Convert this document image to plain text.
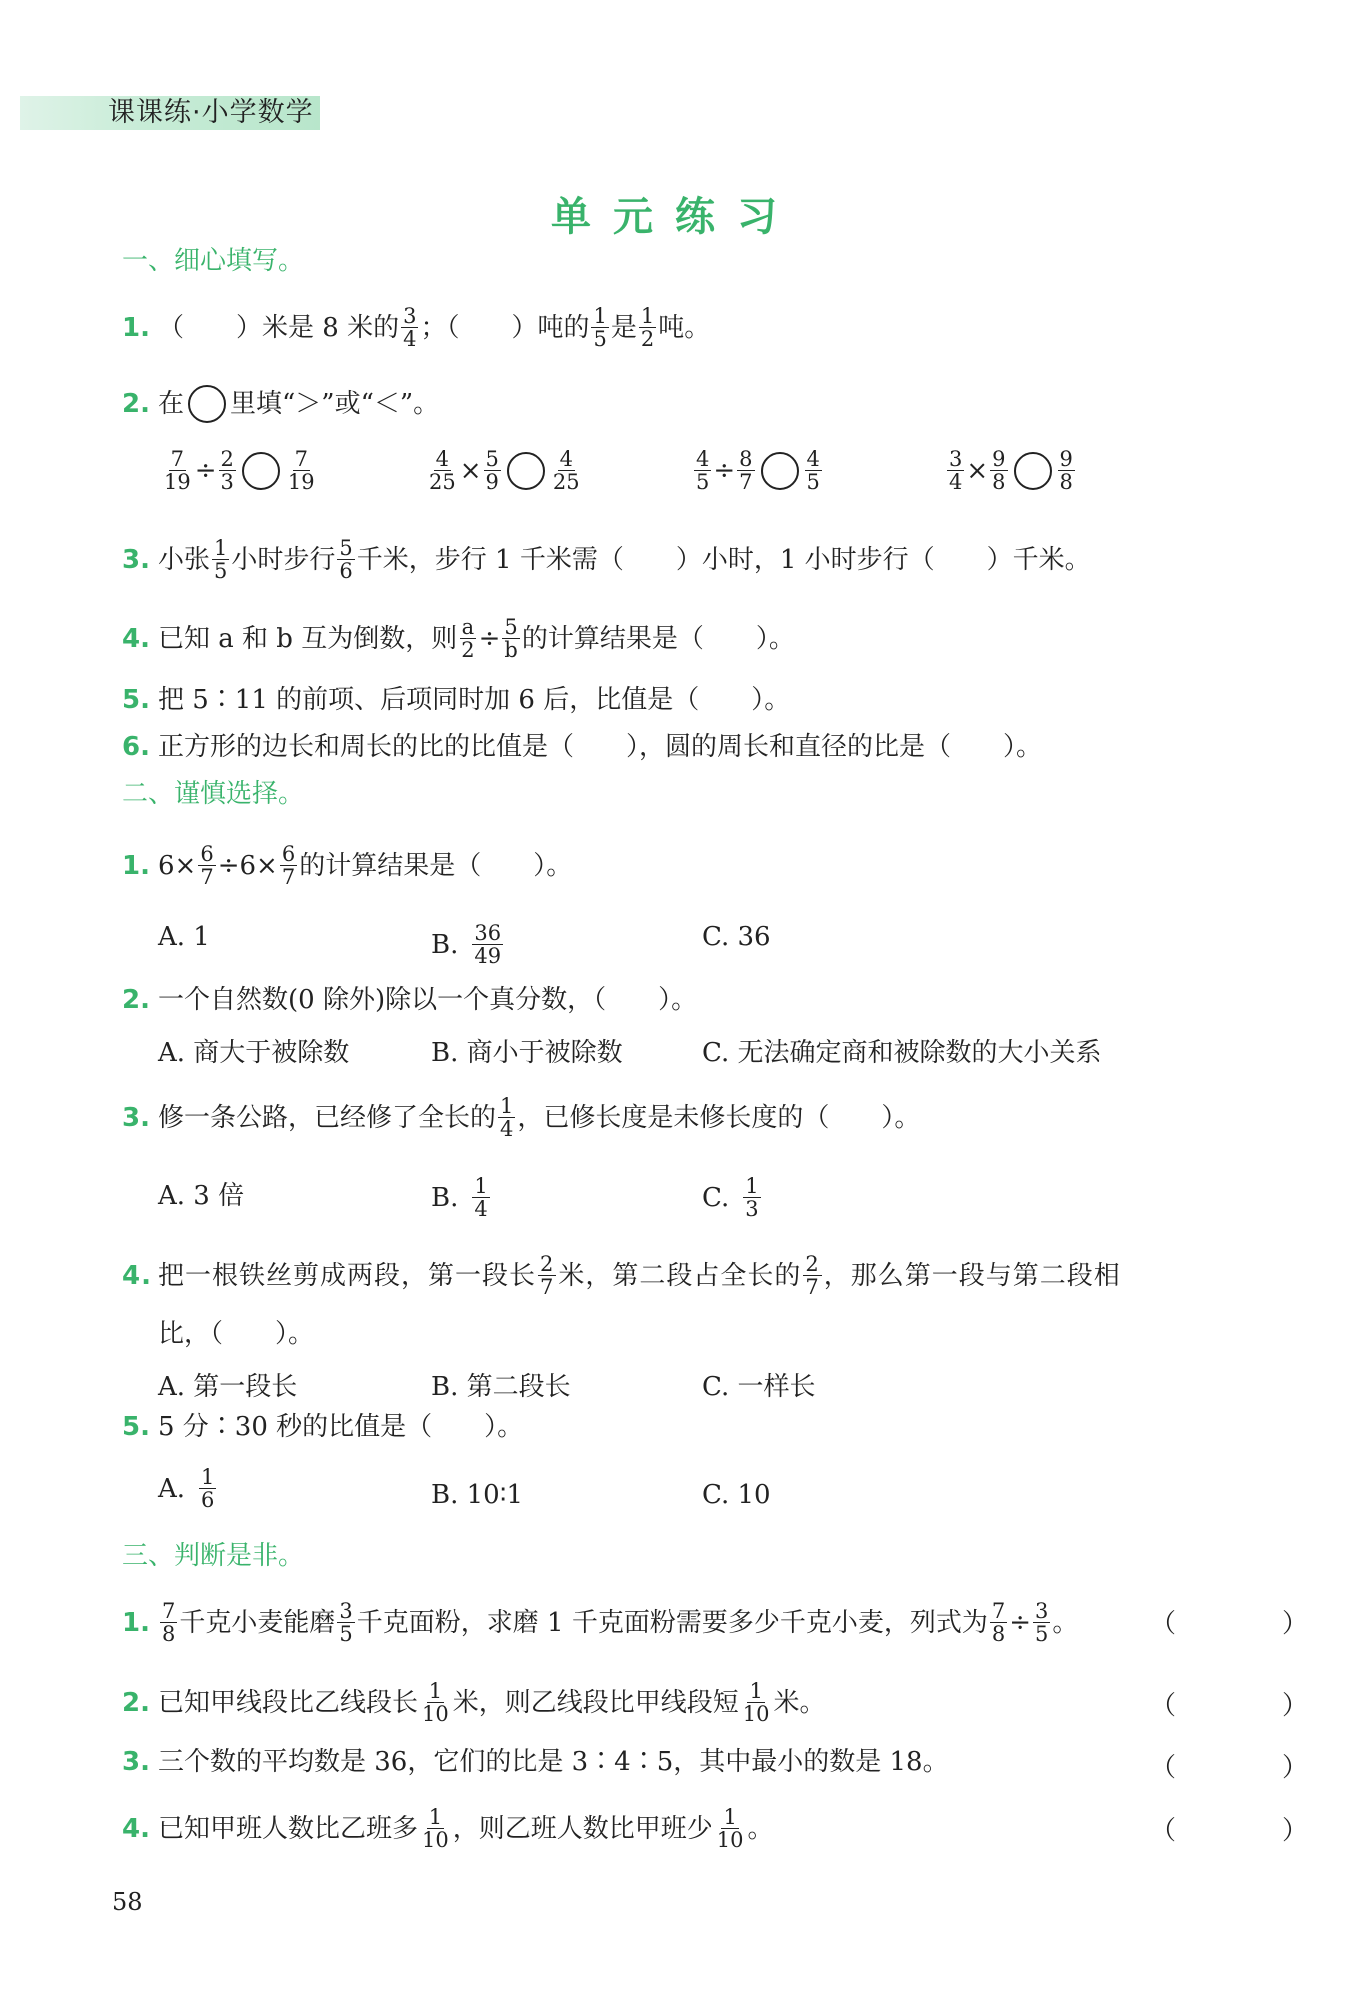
课课练·小学数学
单元练习
一、细心填写。
1. （　　）米是 8 米的 $\frac{3}{4}$ ；（　　）吨的 $\frac{1}{5}$ 是 $\frac{1}{2}$ 吨。
2. 在 里填“＞”或“＜”。
$\frac{7}{19} \div \frac{2}{3} \frac{7}{19}$	$\frac{4}{25} \times \frac{5}{9} \frac{4}{25}$	$\frac{4}{5} \div \frac{8}{7} \frac{4}{5}$	$\frac{3}{4} \times \frac{9}{8} \frac{9}{8}$
3. 小张 $\frac{1}{5}$ 小时步行 $\frac{5}{6}$ 千米，步行 1 千米需（　　）小时，1 小时步行（　　）千米。
4. 已知 a 和 b 互为倒数，则 $\frac{a}{2} \div \frac{5}{b}$ 的计算结果是（　　）。
5. 把 5∶11 的前项、后项同时加 6 后，比值是（　　）。
6. 正方形的边长和周长的比的比值是（　　），圆的周长和直径的比是（　　）。
二、谨慎选择。
1. $6\times \frac{6}{7} \div 6\times \frac{6}{7}$ 的计算结果是（　　）。
A. 1	B. $\frac{36}{49}$	C. 36
2. 一个自然数(0 除外)除以一个真分数，（　　）。
A. 商大于被除数	B. 商小于被除数	C. 无法确定商和被除数的大小关系
3. 修一条公路，已经修了全长的 $\frac{1}{4}$ ，已修长度是未修长度的（　　）。
A. 3 倍	B. $\frac{1}{4}$	C. $\frac{1}{3}$
4. 把一根铁丝剪成两段，第一段长 $\frac{2}{7}$ 米，第二段占全长的 $\frac{2}{7}$ ，那么第一段与第二段相
比，（　　）。
A. 第一段长	B. 第二段长	C. 一样长
5. 5 分∶30 秒的比值是（　　）。
A. $\frac{1}{6}$	B. 10∶1	C. 10
三、判断是非。
1. $\frac{7}{8}$ 千克小麦能磨 $\frac{3}{5}$ 千克面粉，求磨 1 千克面粉需要多少千克小麦，列式为 $\frac{7}{8} \div \frac{3}{5}$ 。	（　）
2. 已知甲线段比乙线段长 $\frac{1}{10}$ 米，则乙线段比甲线段短 $\frac{1}{10}$ 米。	（　）
3. 三个数的平均数是 36，它们的比是 3∶4∶5，其中最小的数是 18。	（　）
4. 已知甲班人数比乙班多 $\frac{1}{10}$ ，则乙班人数比甲班少 $\frac{1}{10}$ 。	（　）
58
